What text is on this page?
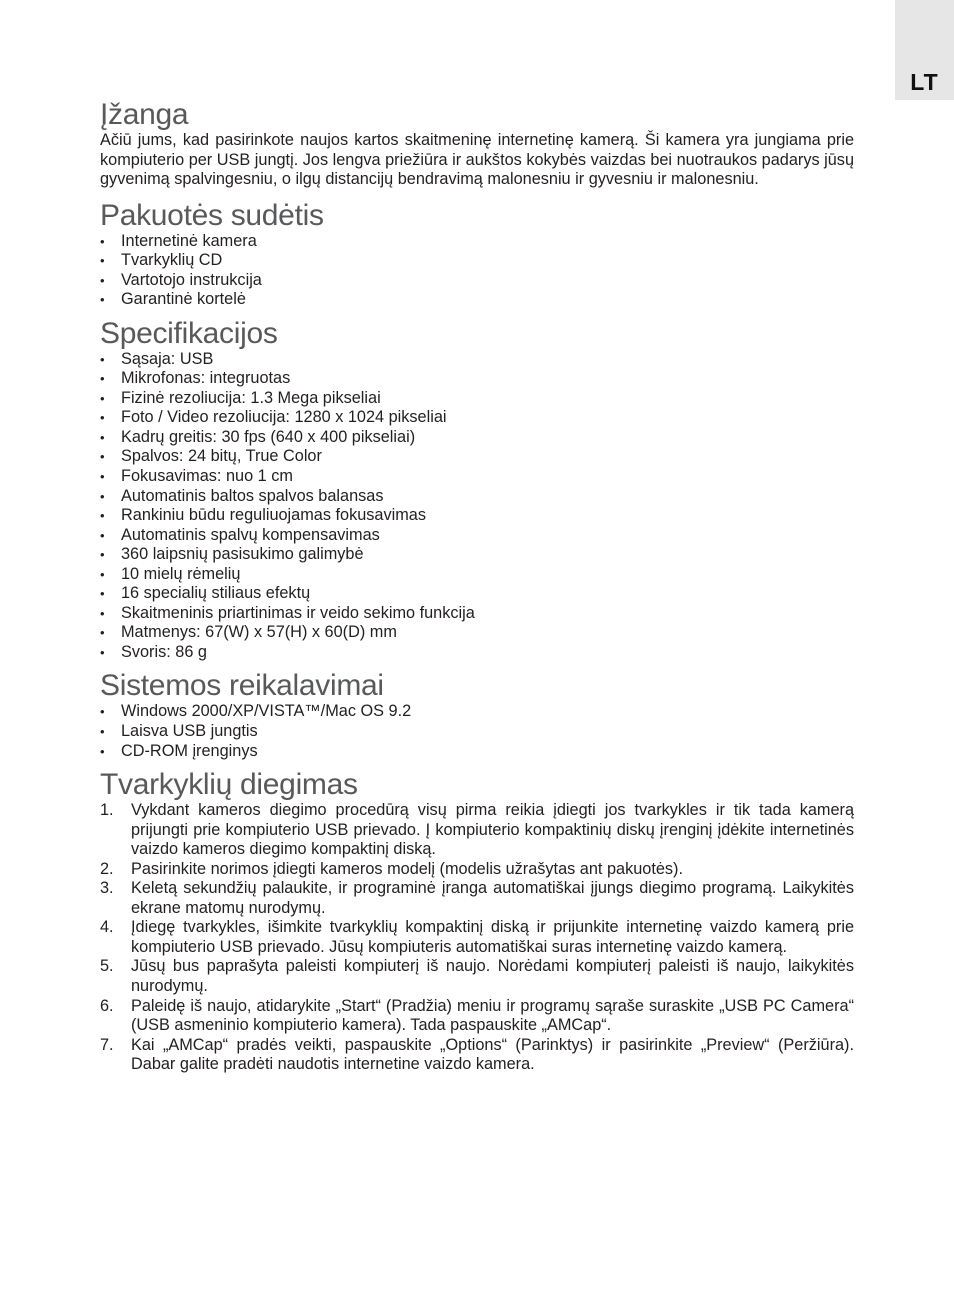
LT
Įžanga

Ačiū jums, kad pasirinkote naujos kartos skaitmeninę internetinę kamerą. Ši kamera yra jungiama prie kompiuterio per USB jungtį. Jos lengva priežiūra ir aukštos kokybės vaizdas bei nuotraukos padarys jūsų gyvenimą spalvingesniu, o ilgų distancijų bendravimą malonesniu ir gyvesniu ir malonesniu.

Pakuotės sudėtis
• Internetinė kamera
• Tvarkyklių CD
• Vartotojo instrukcija
• Garantinė kortelė
Specifikacijos
• Sąsaja: USB
• Mikrofonas: integruotas
• Fizinė rezoliucija: 1.3 Mega pikseliai
• Foto / Video rezoliucija: 1280 x 1024 pikseliai
• Kadrų greitis: 30 fps (640 x 400 pikseliai)
• Spalvos: 24 bitų, True Color
• Fokusavimas: nuo 1 cm
• Automatinis baltos spalvos balansas
• Rankiniu būdu reguliuojamas fokusavimas
• Automatinis spalvų kompensavimas
• 360 laipsnių pasisukimo galimybė
• 10 mielų rėmelių
• 16 specialių stiliaus efektų
• Skaitmeninis priartinimas ir veido sekimo funkcija
• Matmenys: 67(W) x 57(H) x 60(D) mm
• Svoris: 86 g
Sistemos reikalavimai
• Windows 2000/XP/VISTA™/Mac OS 9.2
• Laisva USB jungtis
• CD-ROM įrenginys
Tvarkyklių diegimas
1. Vykdant kameros diegimo procedūrą visų pirma reikia įdiegti jos tvarkykles ir tik tada kamerą prijungti prie kompiuterio USB prievado. Į kompiuterio kompaktinių diskų įrenginį įdėkite internetinės vaizdo kameros diegimo kompaktinį diską.
2. Pasirinkite norimos įdiegti kameros modelį (modelis užrašytas ant pakuotės).
3. Keletą sekundžių palaukite, ir programinė įranga automatiškai įjungs diegimo programą. Laikykitės ekrane matomų nurodymų.
4. Įdiegę tvarkykles, išimkite tvarkyklių kompaktinį diską ir prijunkite internetinę vaizdo kamerą prie kompiuterio USB prievado. Jūsų kompiuteris automatiškai suras internetinę vaizdo kamerą.
5. Jūsų bus paprašyta paleisti kompiuterį iš naujo. Norėdami kompiuterį paleisti iš naujo, laikykitės nurodymų.
6. Paleidę iš naujo, atidarykite „Start“ (Pradžia) meniu ir programų sąraše suraskite „USB PC Camera“ (USB asmeninio kompiuterio kamera). Tada paspauskite „AMCap“.
7. Kai „AMCap“ pradės veikti, paspauskite „Options“ (Parinktys) ir pasirinkite „Preview“ (Peržiūra). Dabar galite pradėti naudotis internetine vaizdo kamera.
